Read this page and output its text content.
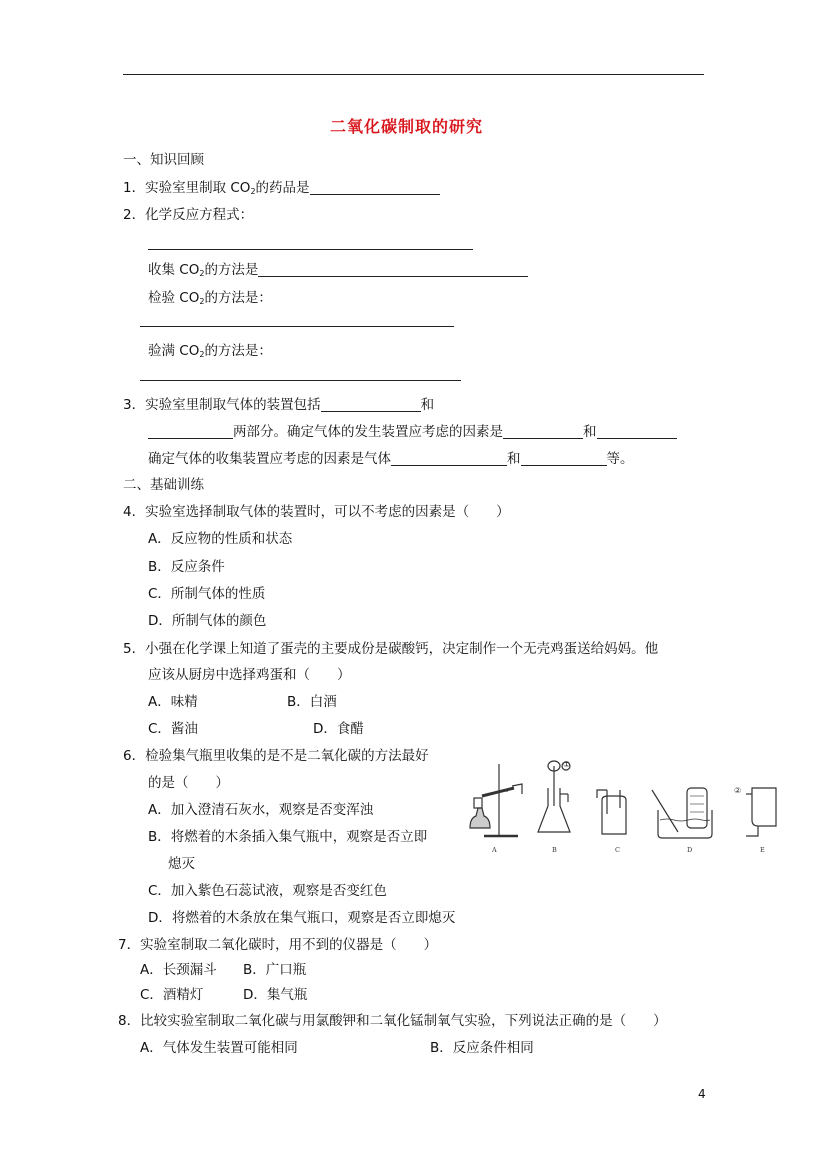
二氧化碳制取的研究
一、知识回顾
1．实验室里制取 $CO_2$的药品是
2．化学反应方程式：
收集 $CO_2$的方法是
检验 $CO_2$的方法是：
验满 $CO_2$的方法是：
3．实验室里制取气体的装置包括	和
两部分。确定气体的发生装置应考虑的因素是	和
确定气体的收集装置应考虑的因素是气体	和	等。
二、基础训练
4．实验室选择制取气体的装置时，可以不考虑的因素是（　　）
A．反应物的性质和状态
B．反应条件
C．所制气体的性质
D．所制气体的颜色
5．小强在化学课上知道了蛋壳的主要成份是碳酸钙，决定制作一个无壳鸡蛋送给妈妈。他
应该从厨房中选择鸡蛋和（　　）
A．味精	B．白酒
C．酱油	D．食醋
6．检验集气瓶里收集的是不是二氧化碳的方法最好
的是（　　）
A．加入澄清石灰水，观察是否变浑浊
B．将燃着的木条插入集气瓶中，观察是否立即
熄灭
C．加入紫色石蕊试液，观察是否变红色
D．将燃着的木条放在集气瓶口，观察是否立即熄灭
A	B	C	D	E
①
②
7．实验室制取二氧化碳时，用不到的仪器是（　　）
A．长颈漏斗 B．广口瓶
C．酒精灯	D．集气瓶
8．比较实验室制取二氧化碳与用氯酸钾和二氧化锰制氧气实验，下列说法正确的是（　　）
A．气体发生装置可能相同	B．反应条件相同
4
